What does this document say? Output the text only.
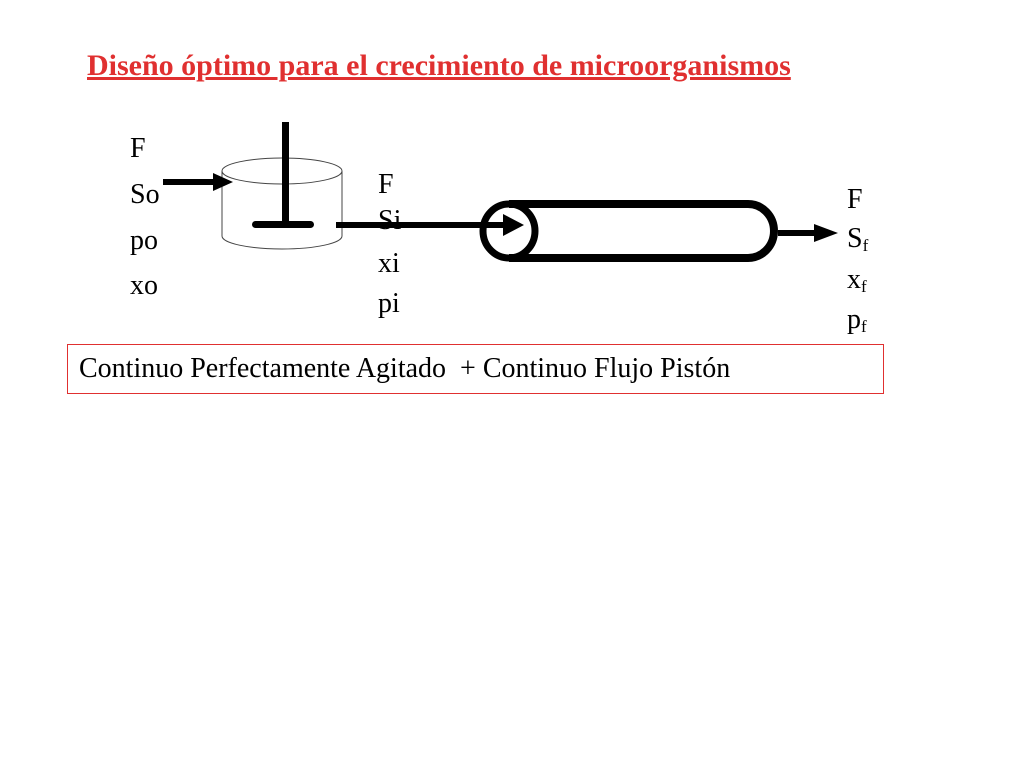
Diseño óptimo para el crecimiento de microorganismos
F
So
po
xo
F
Si
xi
pi
F
$S_f$
$x_f$
$p_f$
Continuo Perfectamente Agitado  + Continuo Flujo Pistón
